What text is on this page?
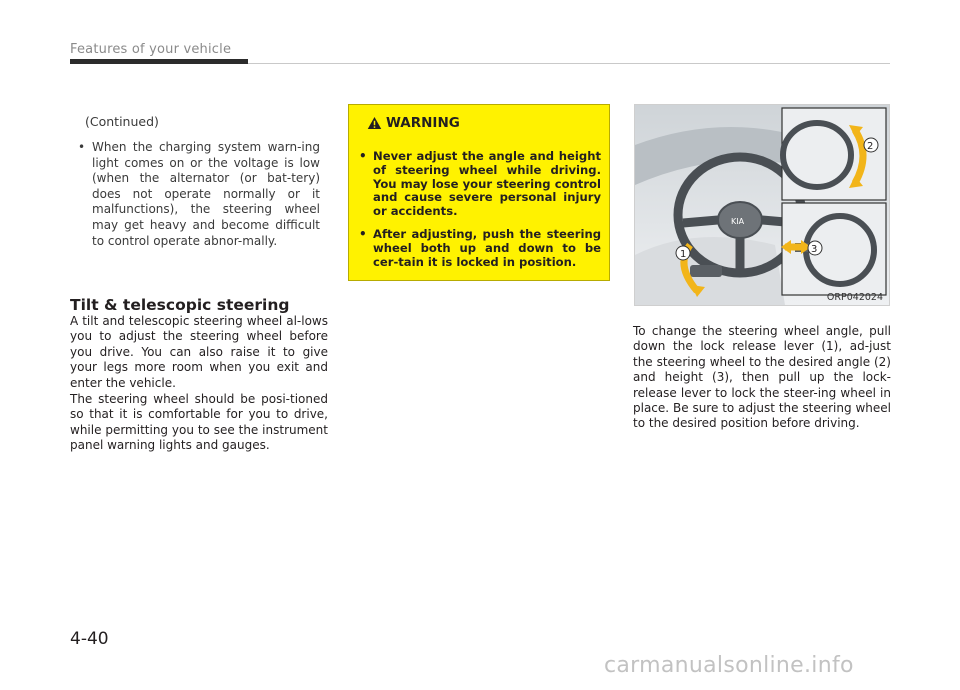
Features of your vehicle
(Continued)
• When the charging system warn-ing light comes on or the voltage is low (when the alternator (or bat-tery) does not operate normally or it malfunctions), the steering wheel may get heavy and become difficult to control operate abnor-mally.
Tilt & telescopic steering
A tilt and telescopic steering wheel al-lows you to adjust the steering wheel before you drive. You can also raise it to give your legs more room when you exit and enter the vehicle.
The steering wheel should be posi-tioned so that it is comfortable for you to drive, while permitting you to see the instrument panel warning lights and gauges.
WARNING
• Never adjust the angle and height of steering wheel while driving. You may lose your steering control and cause severe personal injury or accidents.
• After adjusting, push the steering wheel both up and down to be cer-tain it is locked in position.
KIA
1
2
3
ORP042024
To change the steering wheel angle, pull down the lock release lever (1), ad-just the steering wheel to the desired angle (2) and height (3), then pull up the lock-release lever to lock the steer-ing wheel in place. Be sure to adjust the steering wheel to the desired position before driving.
4-40
carmanualsonline.info
